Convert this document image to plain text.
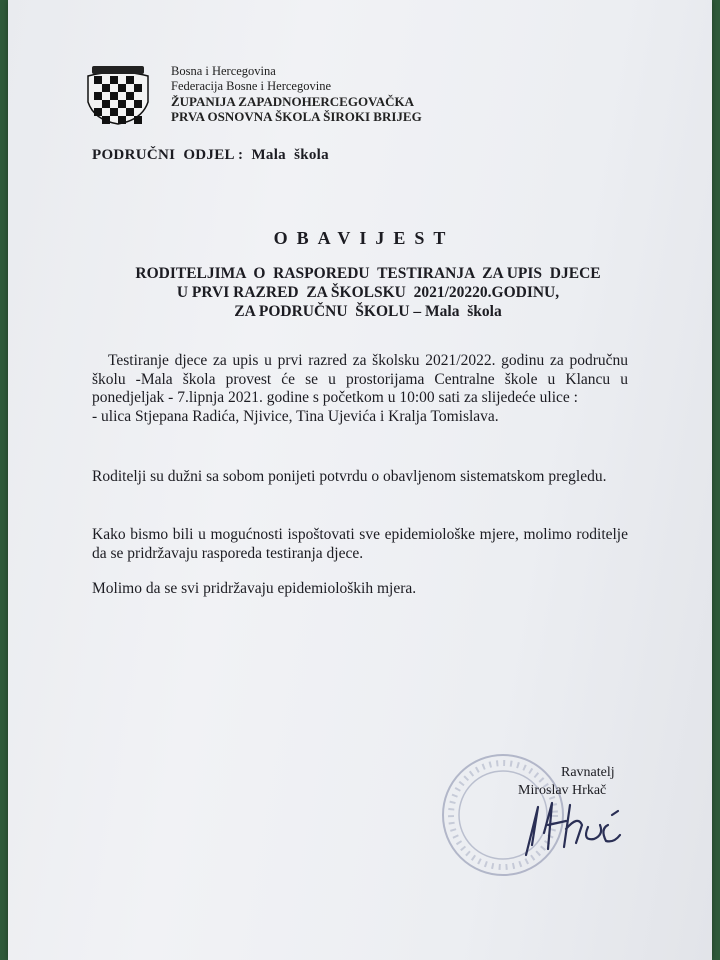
Bosna i Hercegovina
Federacija Bosne i Hercegovine
ŽUPANIJA ZAPADNOHERCEGOVAČKA
PRVA OSNOVNA ŠKOLA ŠIROKI BRIJEG
PODRUČNI  ODJEL :  Mala  škola
OBAVIJEST
RODITELJIMA  O  RASPOREDU  TESTIRANJA  ZA UPIS  DJECE
U PRVI RAZRED  ZA ŠKOLSKU  2021/20220.GODINU,
ZA PODRUČNU  ŠKOLU – Mala  škola
Testiranje djece za upis u prvi razred za školsku 2021/2022. godinu za područnu školu -Mala škola provest će se u prostorijama Centralne škole u Klancu u ponedjeljak - 7.lipnja 2021. godine s početkom u 10:00 sati za slijedeće ulice :
- ulica Stjepana Radića, Njivice, Tina Ujevića i Kralja Tomislava.
Roditelji su dužni sa sobom ponijeti potvrdu o obavljenom sistematskom pregledu.
Kako bismo bili u mogućnosti ispoštovati sve epidemiološke mjere, molimo roditelje da se pridržavaju rasporeda testiranja djece.
Molimo da se svi pridržavaju epidemioloških mjera.
Ravnatelj
Miroslav Hrkač
